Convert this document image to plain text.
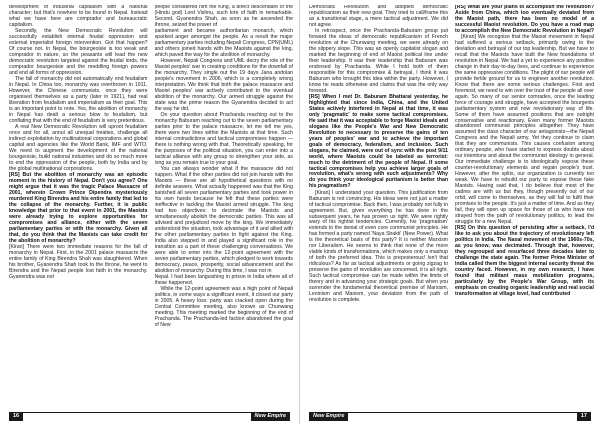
development of industrial capitalism with a national character; but that's nowhere to be found in Nepal. Instead what we have here are comprador and bureaucratic capitalism.

Secondly, the New Democratic Revolution will successfully establish internal feudal oppression and external imperialist foreign intervention. Got that happen? Of course not. In Nepal, the bourgeoisie is too weak and comprador in nature, so the peasants will lead the new democratic revolution targeted against the feudal lords, the comprador bourgeoisie and the meddling foreign powers and end all forms of oppression.

The fall of monarchy did not automatically end feudalism in Nepal. In China too, monarchy was overthrown in 1911. However, the Chinese communists, once they were organised themselves as a party (later in 1921), had real liberation from feudalism and imperialism as their goal. This is an important point to note. Yes, the abolition of monarchy in Nepal has dealt a serious blow to feudalism, but conflating that with the end of feudalism is very pretentious.

A real New Democratic Revolution will uproot feudalism once and for all, annul all unequal treaties, challenge all indirect exploitation by multinational corporations and global capital and agencies like the World Bank, IMF and WTO. We need to augment the development of the national bourgeoisie, build national industries and do so much more to end the oppression of the people, both by India and by the global multinational corporations.

[RS] But the abolition of monarchy was an episodic moment in the history of Nepal. Don't you agree? One might argue that it was the tragic Palace Massacre of 2001, wherein Crown Prince Dipendra mysteriously murdered King Birendra and his entire family that led to the collapse of the monarchy. Further, it is public knowledge that prior to that event in 2001, the Maoists were already trying to explore opportunities for compromises and alliance, either with the seven parliamentary parties or with the monarchy. Given all that, do you think that the Maoists can take credit for the abolition of monarchy?

[Kiran] There were two immediate reasons for the fall of monarchy in Nepal. First, in the 2001 palace massacre the entire family of King Birendra Shah was slaughtered. When his brother, Gyanendra Shah took to the throne, he went to Birendra and the Nepali people lost faith in the monarchy. Gyanendra was not

people considered him the King, a direct descendant of the (Hindu god) Lord Vishnu, such lore of faith in remarkable. Second, Gyanendra Shah, as soon as he ascended the throne, seized the power of

parliament and became authoritarian monarch, which sparked anger amongst the people. As a result the major parliamentary parties including Nepali Congress, CPN(UML) and others joined hands with the Maoists against the king, which paved the way for the abolition of monarchy.

However, Nepali Congress and UML decry the role of the Maoist peoples' war in creating conditions for the downfall of the monarchy. They single out the 19 days Jana andolan people's movement in 2006, which is a completely wrong interpretation. We think that both the palace massacre and Maoist peoples' war actively contributed to the eventual abolition of the monarchy. Our armed struggle against the state was the prime reason the Gyanendra decided to act the way he did.

On your question about Prachanda reaching out to the monarchy Baburam reaching out to the seven parliamentary parties prior to the palace massacre, let me tell me yes, there were two lines within the Maoists at that time. Such internal contradictions and tactical compromises happen — there is nothing wrong with that. Theoretically speaking, for the purposes of the political situation, you can enter into a tactical alliance with any group to strengthen your side, as long as you remain true to your goal.

You can always wonder what if the massacre did not happen. What if the other parties did not join hands with the Maoists — these are all hypothetical questions with no definite answers. What actually happened was that the King banished all seven parliamentary parties and took power in his own hands because he felt that these parties were ineffective in tackling the Maoist armed struggle. The king had two objectives: to decimate the Maoists and simultaneously abolish the democratic parties. This was all advised and prejudiced move by the king. We immediately understood the situation, took advantage of it and allied with the other parliamentary parties to fight against the King. India also stepped in and played a significant role in the transition as a part of these challenging conversations. We were able to enter into the 12-point agreement with the seven parliamentary parties, which pledged to work towards democracy, peace, prosperity, social advancement and the abolition of monarchy. During this time, I was not in

Nepal. I had been languishing in prison in India where all of these happened.

While the 12-point agreement was a high point of Nepali politics, in some ways a significant event, it closed our party in 2005. A heavy loss: party was cracked open during the Central Committee meeting, also known as Chunwang meeting. This meeting marked the beginning of the end of Prachanda. The Prachanda-led faction abandoned the goal of New

16	New Empire

Democratic Revolution and adopted democratic republicanism as their new goal. They tried to call/frame this as a transitional stage, a mere tactical adjustment. We did not agree.

In retrospect, once the Prachanda-Baburam group put forward the ideas of democratic republicanism of French revolution at the Chunwang meeting, we were already on the slippery slope. This was an openly capitalist slogan and marked the beginning of end of Maoist political line under their leadership. It was their leadership that Baburam was endorsed by Prachanda. While I hold both of them responsible for this compromise & betrayal, I think it was Baburam who brought this idea within the party. However, I know he reads otherwise and claims that was the only way forward.

[RS] When I met Dr. Baburam Bhattarai yesterday, he highlighted that since India, China, and the United States actively interfered in Nepal at that time, it was only 'pragmatic' to make some tactical compromises. He said that it was acceptable to forge Maoist ideals and slogans like the People's War and New Democratic Revolution to necessary to preserve the gains of ten years of peoples' war and to achieve the important goals of democracy, federalism, and inclusion. Such slogans, he claimed, were out of sync with the post 9/11 world, where Maoists could be labeled as terrorist: much to the detriment of the people of Nepal. If some tactical compromises help you achieve larger goals of revolution, what's wrong with such adjustments? Why do you think your ideological puritanism is better than his pragmatism?

[Kiran] I understand your question. This justification from Baburam is not convincing. His ideas were not just a matter of tactical compromise. Back then, I was probably not fully in agreement. But, given everything he has done in the subsequent years, he has proven us right. We were rightly wary of his rightist tendencies. Currently, his 'pragmatism' extends to the denial of even core communist principles. He has formed a party named 'Naya Shakti' (New Power). What is the theoretical basis of this party? It is neither Marxism nor Liberalism. He seems to think that none of the more viable kinds of transformations, which makes only a mashup of both the preferred idea. This is preposterous! Isn't that ridiculous? As far as tactical adjustments or going zigzag to preserve the gains of revolution are concerned, it is all right. Such tactical compromise can be made within the limits of theory and in advancing your strategic goals. But when you surrender the fundamental theoretical premise of Marxism, Leninism and Maoism, your deviation from the path of revolution is complete.

[RS] What are your plans to accomplish the revolution? Aside from China, which too eventually deviated from the Maoist path, there has been no model of a successful Maoist revolution. Do you have a road map to accomplish the New Democratic Revolution in Nepal?

[Kiran] We recognize that the Maoist movement in Nepal had suffered a serious setback, primarily owing to the deviation and betrayal of our top leadership. But we have to recall that the Maoists have built the New foundations of revolution in Nepal. We had a yet to experience any positive change in their day-to-day lives, and continue to experience the same oppressive conditions. The plight of our people will provide fertile ground for us to engineer another revolution. Know that there are some serious challenges. First and foremost, we need to win over the trust of the people all over again. So many of our senior comrades, once the leading force of courage and struggle, have accepted the bourgeois parliamentary system and now revolutionary way of life. Some of them have assumed positions that are outright conservative and reactionary. Even many former Maoists abandoned communist principles altogether. They have assumed the class character of our antagonists—the Nepali Congress and the Nepali army. Yet they continue to claim that they are communists. This causes confusion among ordinary people, who have started to express doubts about our intentions and about the communist ideology in general. Our immediate challenge is to ideologically expose these counter-revolutionary elements and regain people's trust. However, after the splits, our organization is currently too weak. We have to rebuild our party to expose these fake Maoists. Having said that, I do believe that most of the cadres are with us but they, though presently out of our orbit, will come to themselves, as they will fail to fulfil their promises to the people. It's just a matter of time. And as they fail, they will open up space for those of us who have not strayed from the path of revolutionary politics, to lead the struggle for a new Nepal.

[RS] On this question of persisting after a setback, I'd like to ask you about the trajectory of revolutionary left politics in India. The Naxal movement of the 1960s-70s, as you know, was decimated. Through that, however, they regrouped and resurfaced three decades later to challenge the state again. The former Prime Minister of India called them the biggest internal security threat the country faced. However, in my own research, I have found that militant mass mobilization programs, particularly by the People's War Group, with its emphasis on creating organic leadership and real social transformation at village level, had contributed

New Empire	17
